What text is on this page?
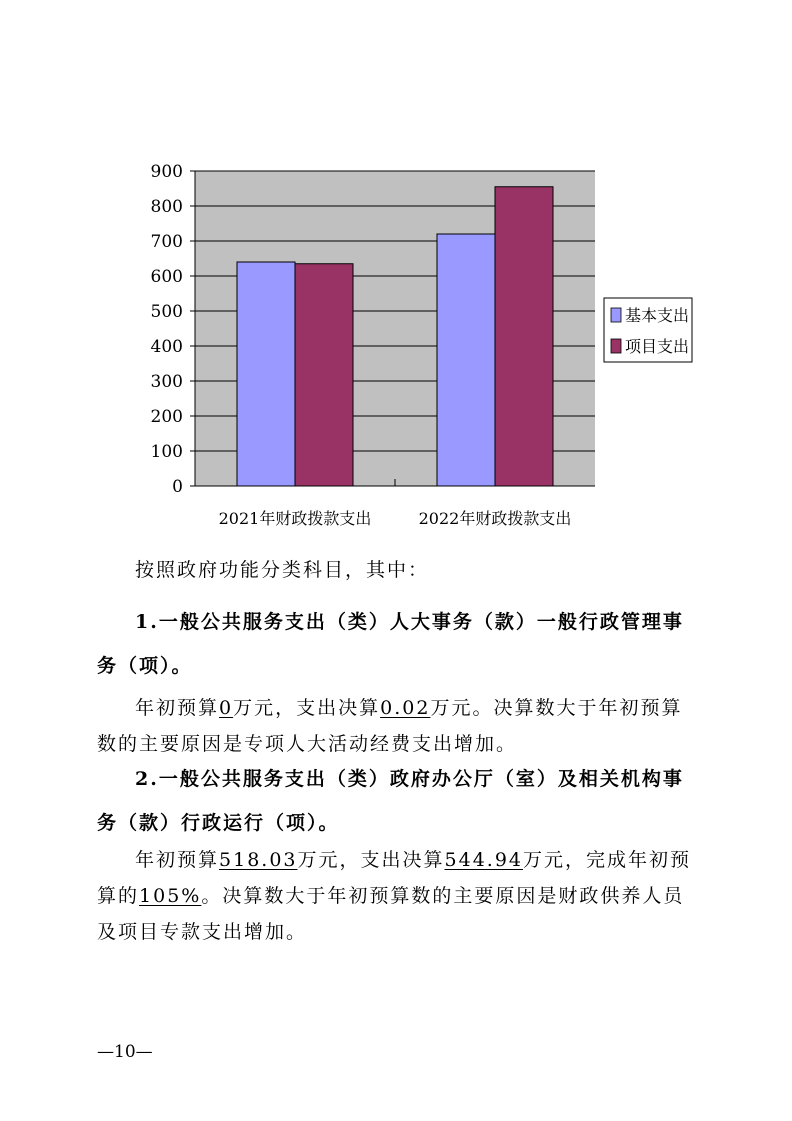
0
100
200
300
400
500
600
700
800
900
2021年财政拨款支出	2022年财政拨款支出
基本支出
项目支出

按照政府功能分类科目，其中：

1.一般公共服务支出（类）人大事务（款）一般行政管理事务（项）。

年初预算0万元，支出决算0.02万元。决算数大于年初预算数的主要原因是专项人大活动经费支出增加。

2.一般公共服务支出（类）政府办公厅（室）及相关机构事务（款）行政运行（项）。

年初预算518.03万元，支出决算544.94万元，完成年初预算的105%。决算数大于年初预算数的主要原因是财政供养人员及项目专款支出增加。

—10—
